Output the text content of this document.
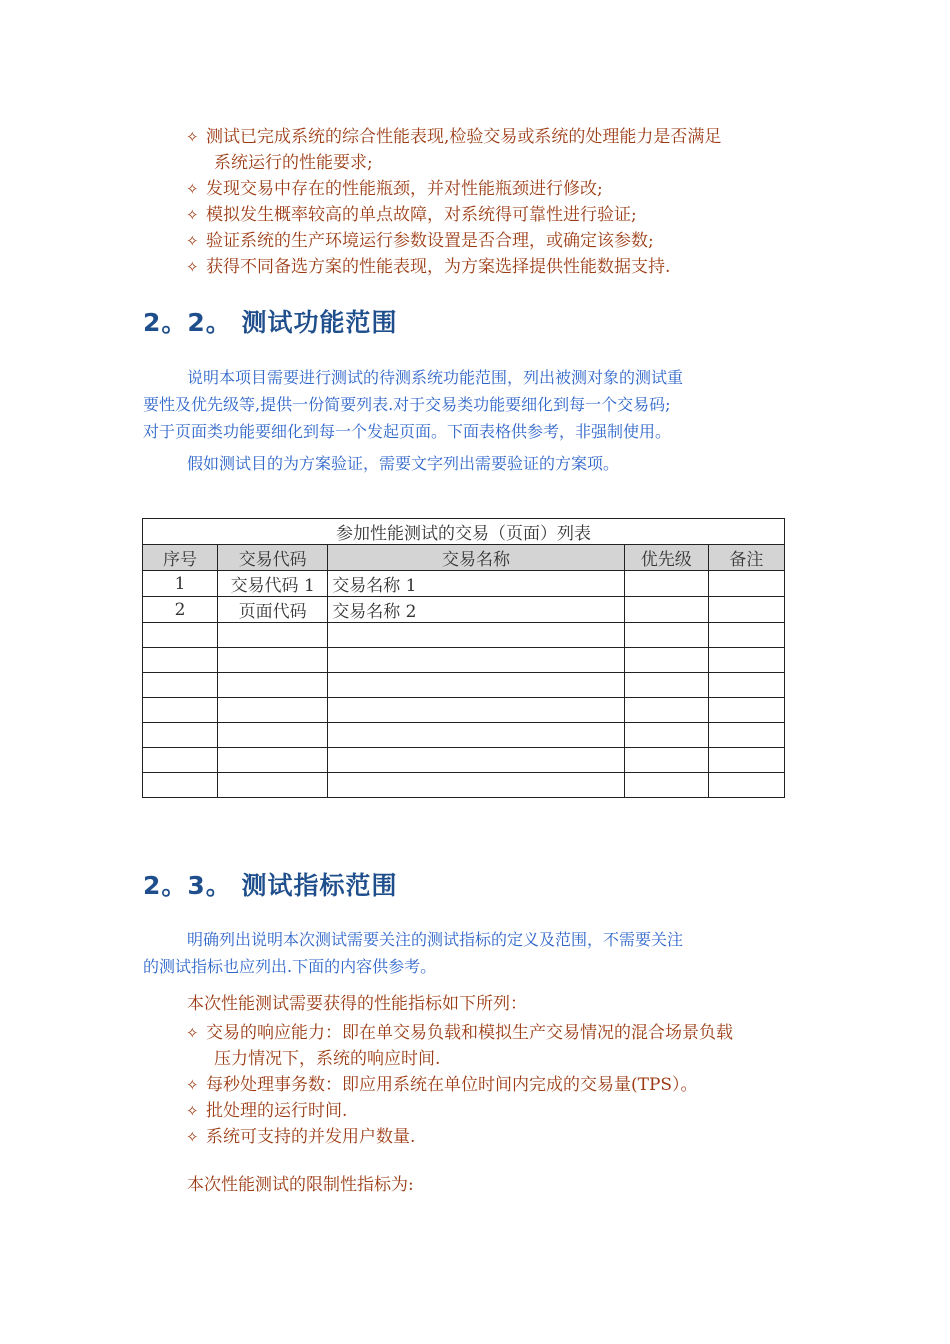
✧ 测试已完成系统的综合性能表现,检验交易或系统的处理能力是否满足
系统运行的性能要求;
✧ 发现交易中存在的性能瓶颈，并对性能瓶颈进行修改;
✧ 模拟发生概率较高的单点故障，对系统得可靠性进行验证;
✧ 验证系统的生产环境运行参数设置是否合理，或确定该参数;
✧ 获得不同备选方案的性能表现，为方案选择提供性能数据支持.
2。2。 测试功能范围
说明本项目需要进行测试的待测系统功能范围，列出被测对象的测试重
要性及优先级等,提供一份简要列表.对于交易类功能要细化到每一个交易码;
对于页面类功能要细化到每一个发起页面。下面表格供参考，非强制使用。
假如测试目的为方案验证，需要文字列出需要验证的方案项。
参加性能测试的交易（页面）列表				
序号	交易代码	交易名称	优先级	备注
1	交易代码 1	交易名称 1		
2	页面代码	交易名称 2		

2。3。 测试指标范围
明确列出说明本次测试需要关注的测试指标的定义及范围，不需要关注
的测试指标也应列出.下面的内容供参考。
本次性能测试需要获得的性能指标如下所列：
✧ 交易的响应能力：即在单交易负载和模拟生产交易情况的混合场景负载
压力情况下，系统的响应时间.
✧ 每秒处理事务数：即应用系统在单位时间内完成的交易量(TPS）。
✧ 批处理的运行时间.
✧ 系统可支持的并发用户数量.
本次性能测试的限制性指标为:
